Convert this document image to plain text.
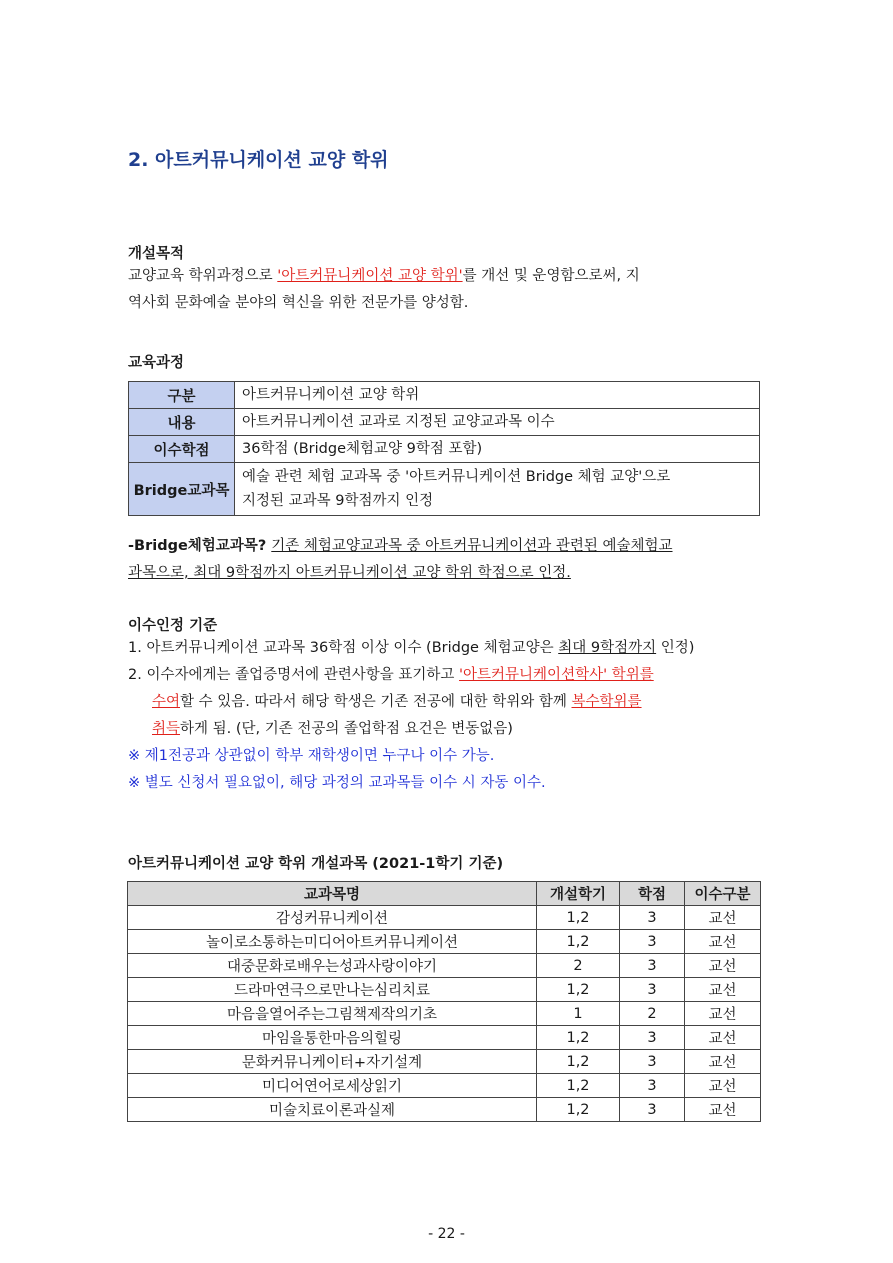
2. 아트커뮤니케이션 교양 학위
개설목적
교양교육 학위과정으로 '아트커뮤니케이션 교양 학위'를 개선 및 운영함으로써, 지
역사회 문화예술 분야의 혁신을 위한 전문가를 양성함.
교육과정
구분	아트커뮤니케이션 교양 학위
내용	아트커뮤니케이션 교과로 지정된 교양교과목 이수
이수학점	36학점 (Bridge체험교양 9학점 포함)
Bridge교과목	예술 관련 체험 교과목 중 '아트커뮤니케이션 Bridge 체험 교양'으로
지정된 교과목 9학점까지 인정
-Bridge체험교과목? 기존 체험교양교과목 중 아트커뮤니케이션과 관련된 예술체험교
과목으로, 최대 9학점까지 아트커뮤니케이션 교양 학위 학점으로 인정.
이수인정 기준
1. 아트커뮤니케이션 교과목 36학점 이상 이수 (Bridge 체험교양은 최대 9학점까지 인정)
2. 이수자에게는 졸업증명서에 관련사항을 표기하고 '아트커뮤니케이션학사' 학위를
수여할 수 있음. 따라서 해당 학생은 기존 전공에 대한 학위와 함께 복수학위를
취득하게 됨. (단, 기존 전공의 졸업학점 요건은 변동없음)
※ 제1전공과 상관없이 학부 재학생이면 누구나 이수 가능.
※ 별도 신청서 필요없이, 해당 과정의 교과목들 이수 시 자동 이수.
아트커뮤니케이션 교양 학위 개설과목 (2021-1학기 기준)
교과목명	개설학기	학점	이수구분
감성커뮤니케이션	1,2	3	교선
놀이로소통하는미디어아트커뮤니케이션	1,2	3	교선
대중문화로배우는성과사랑이야기	2	3	교선
드라마연극으로만나는심리치료	1,2	3	교선
마음을열어주는그림책제작의기초	1	2	교선
마임을통한마음의힐링	1,2	3	교선
문화커뮤니케이터+자기설계	1,2	3	교선
미디어연어로세상읽기	1,2	3	교선
미술치료이론과실제	1,2	3	교선
- 22 -
